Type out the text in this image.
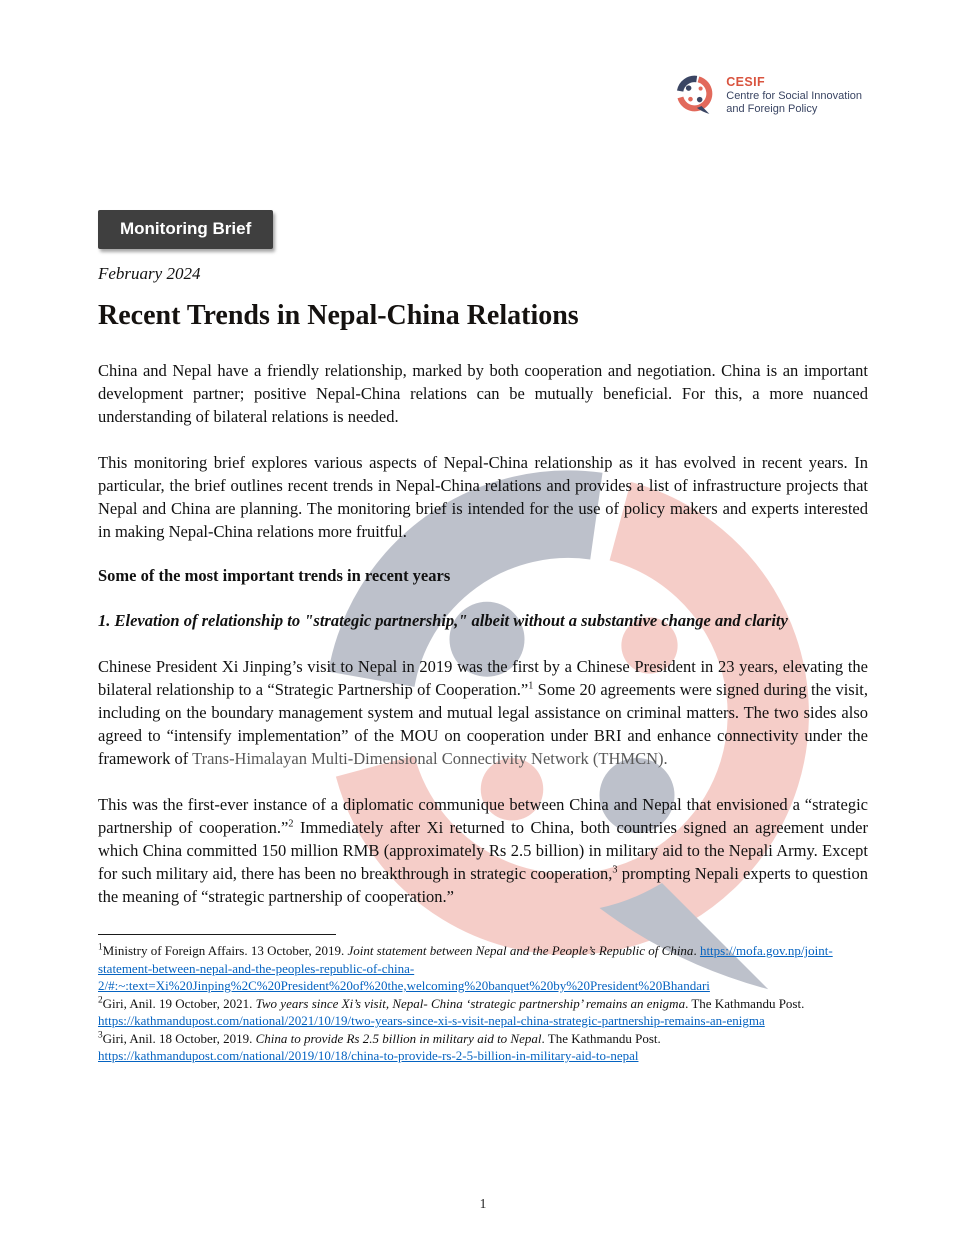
CESIF
Centre for Social Innovation
and Foreign Policy
Monitoring Brief
February 2024
Recent Trends in Nepal-China Relations

China and Nepal have a friendly relationship, marked by both cooperation and negotiation. China is an important development partner; positive Nepal-China relations can be mutually beneficial. For this, a more nuanced understanding of bilateral relations is needed.

This monitoring brief explores various aspects of Nepal-China relationship as it has evolved in recent years. In particular, the brief outlines recent trends in Nepal-China relations and provides a list of infrastructure projects that Nepal and China are planning. The monitoring brief is intended for the use of policy makers and experts interested in making Nepal-China relations more fruitful.

Some of the most important trends in recent years
1. Elevation of relationship to "strategic partnership," albeit without a substantive change and clarity

Chinese President Xi Jinping’s visit to Nepal in 2019 was the first by a Chinese President in 23 years, elevating the bilateral relationship to a “Strategic Partnership of Cooperation.”$^1$ Some 20 agreements were signed during the visit, including on the boundary management system and mutual legal assistance on criminal matters. The two sides also agreed to “intensify implementation” of the MOU on cooperation under BRI and enhance connectivity under the framework of Trans-Himalayan Multi-Dimensional Connectivity Network (THMCN).

This was the first-ever instance of a diplomatic communique between China and Nepal that envisioned a “strategic partnership of cooperation.”$^2$ Immediately after Xi returned to China, both countries signed an agreement under which China committed 150 million RMB (approximately Rs 2.5 billion) in military aid to the Nepali Army. Except for such military aid, there has been no breakthrough in strategic cooperation,$^3$ prompting Nepali experts to question the meaning of “strategic partnership of cooperation.”

$^1$Ministry of Foreign Affairs. 13 October, 2019. Joint statement between Nepal and the People’s Republic of China. https://mofa.gov.np/joint-statement-between-nepal-and-the-peoples-republic-of-china-2/#:~:text=Xi%20Jinping%2C%20President%20of%20the,welcoming%20banquet%20by%20President%20Bhandari
$^2$Giri, Anil. 19 October, 2021. Two years since Xi’s visit, Nepal- China ‘strategic partnership’ remains an enigma. The Kathmandu Post. https://kathmandupost.com/national/2021/10/19/two-years-since-xi-s-visit-nepal-china-strategic-partnership-remains-an-enigma
$^3$Giri, Anil. 18 October, 2019. China to provide Rs 2.5 billion in military aid to Nepal. The Kathmandu Post. https://kathmandupost.com/national/2019/10/18/china-to-provide-rs-2-5-billion-in-military-aid-to-nepal
1
